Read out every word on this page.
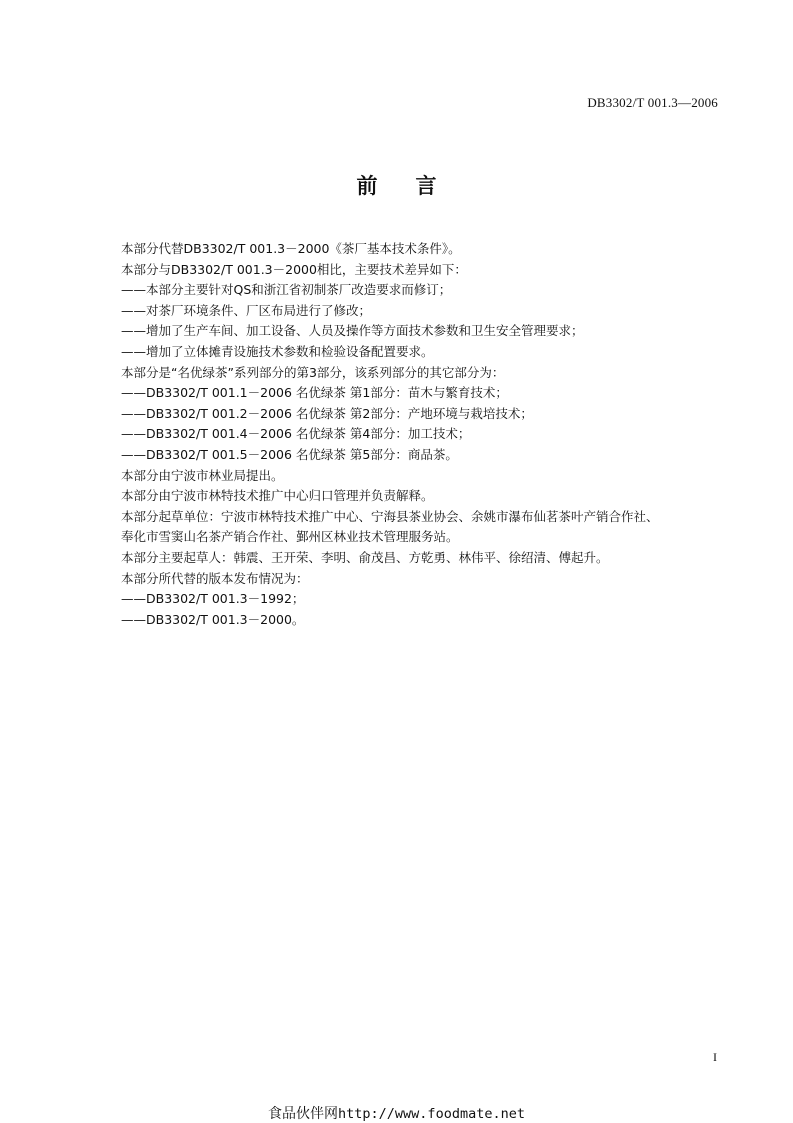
DB3302/T 001.3—2006
前言

本部分代替DB3302/T 001.3－2000《茶厂基本技术条件》。

本部分与DB3302/T 001.3－2000相比，主要技术差异如下：

——本部分主要针对QS和浙江省初制茶厂改造要求而修订；

——对茶厂环境条件、厂区布局进行了修改；

——增加了生产车间、加工设备、人员及操作等方面技术参数和卫生安全管理要求；

——增加了立体摊青设施技术参数和检验设备配置要求。

本部分是“名优绿茶”系列部分的第3部分，该系列部分的其它部分为：

——DB3302/T 001.1－2006 名优绿茶 第1部分：苗木与繁育技术；

——DB3302/T 001.2－2006 名优绿茶 第2部分：产地环境与栽培技术；

——DB3302/T 001.4－2006 名优绿茶 第4部分：加工技术；

——DB3302/T 001.5－2006 名优绿茶 第5部分：商品茶。

本部分由宁波市林业局提出。

本部分由宁波市林特技术推广中心归口管理并负责解释。

本部分起草单位：宁波市林特技术推广中心、宁海县茶业协会、余姚市瀑布仙茗茶叶产销合作社、

奉化市雪窦山名茶产销合作社、鄞州区林业技术管理服务站。

本部分主要起草人：韩震、王开荣、李明、俞茂昌、方乾勇、林伟平、徐绍清、傅起升。

本部分所代替的版本发布情况为：

——DB3302/T 001.3－1992；

——DB3302/T 001.3－2000。

I
食品伙伴网http://www.foodmate.net
